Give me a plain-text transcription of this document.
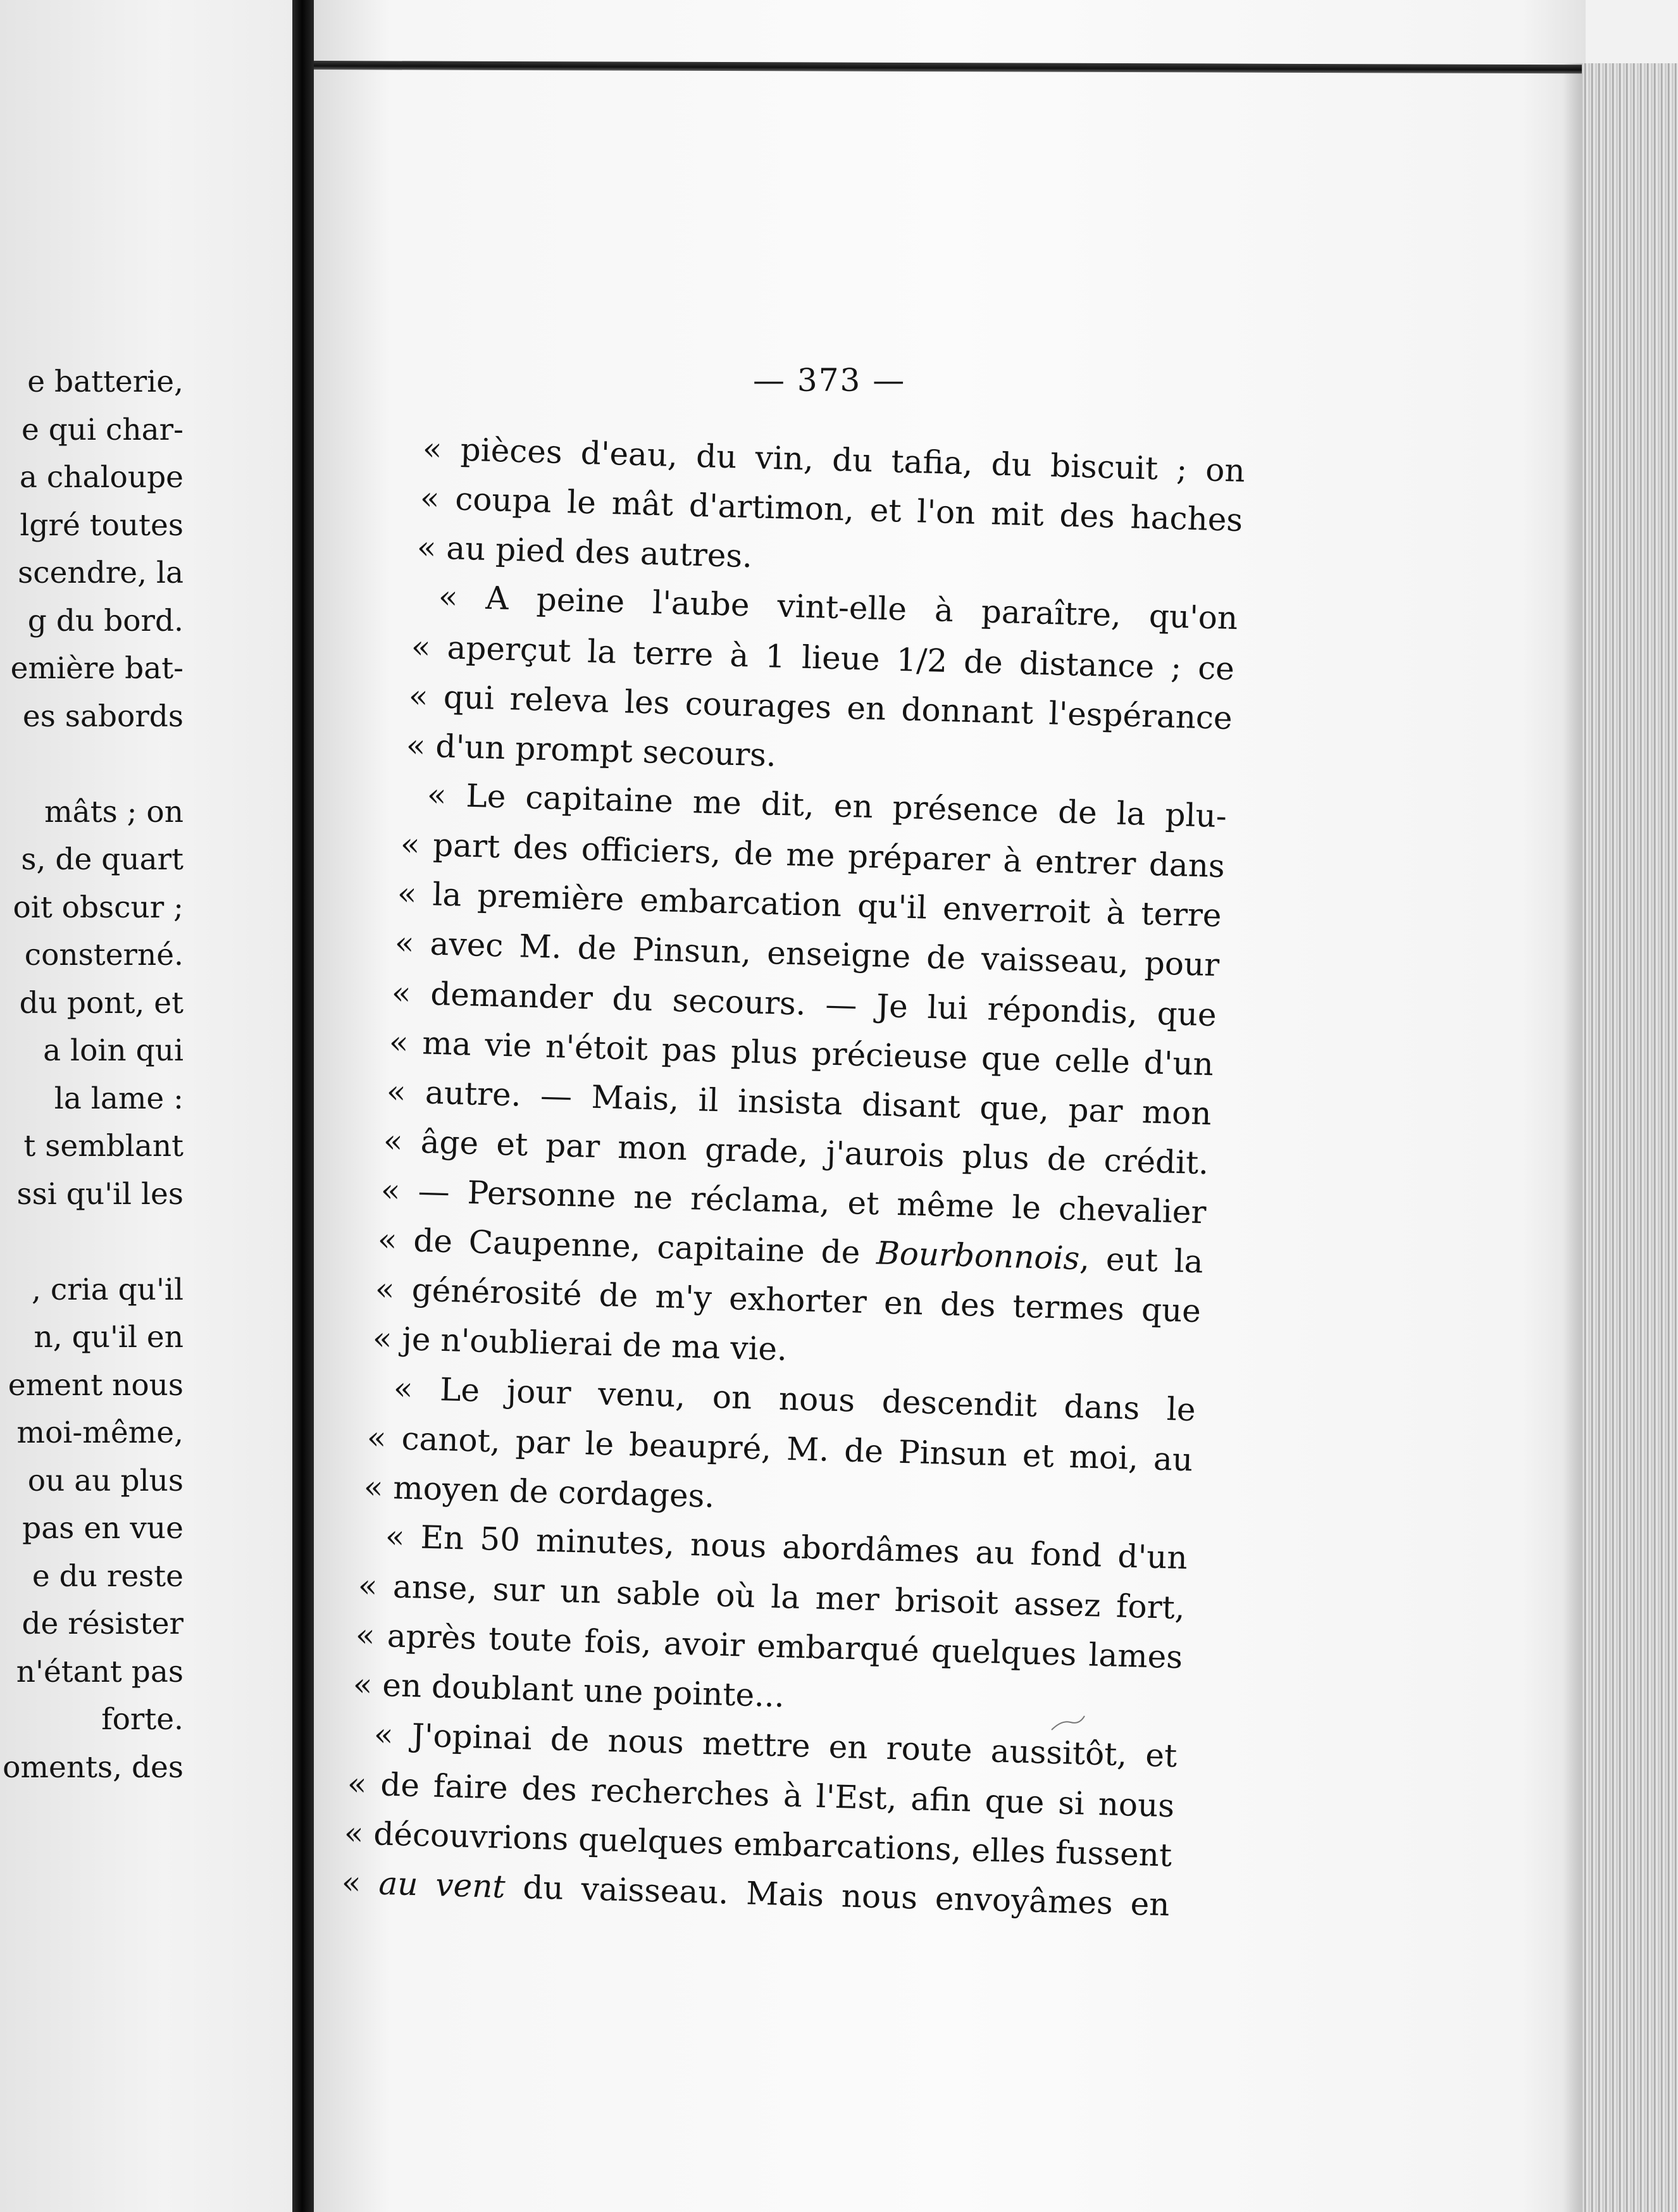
e batterie,
e qui char-
a chaloupe
lgré toutes
scendre, la
g du bord.
emière bat-
es sabords
mâts ; on
s, de quart
oit obscur ;
consterné.
du pont, et
a loin qui
la lame :
t semblant
ssi qu'il les
, cria qu'il
n, qu'il en
ement nous
moi-même,
ou au plus
pas en vue
e du reste
de résister
n'étant pas
forte.
oments, des
— 373 —
« pièces d'eau, du vin, du tafia, du biscuit ; on
« coupa le mât d'artimon, et l'on mit des haches
« au pied des autres.
« A peine l'aube vint-elle à paraître, qu'on
« aperçut la terre à 1 lieue 1/2 de distance ; ce
« qui releva les courages en donnant l'espérance
« d'un prompt secours.
« Le capitaine me dit, en présence de la plu-
« part des officiers, de me préparer à entrer dans
« la première embarcation qu'il enverroit à terre
« avec M. de Pinsun, enseigne de vaisseau, pour
« demander du secours. — Je lui répondis, que
« ma vie n'étoit pas plus précieuse que celle d'un
« autre. — Mais, il insista disant que, par mon
« âge et par mon grade, j'aurois plus de crédit.
« — Personne ne réclama, et même le chevalier
« de Caupenne, capitaine de Bourbonnois, eut la
« générosité de m'y exhorter en des termes que
« je n'oublierai de ma vie.
« Le jour venu, on nous descendit dans le
« canot, par le beaupré, M. de Pinsun et moi, au
« moyen de cordages.
« En 50 minutes, nous abordâmes au fond d'un
« anse, sur un sable où la mer brisoit assez fort,
« après toute fois, avoir embarqué quelques lames
« en doublant une pointe...
« J'opinai de nous mettre en route aussitôt, et
« de faire des recherches à l'Est, afin que si nous
« découvrions quelques embarcations, elles fussent
« au vent du vaisseau. Mais nous envoyâmes en
